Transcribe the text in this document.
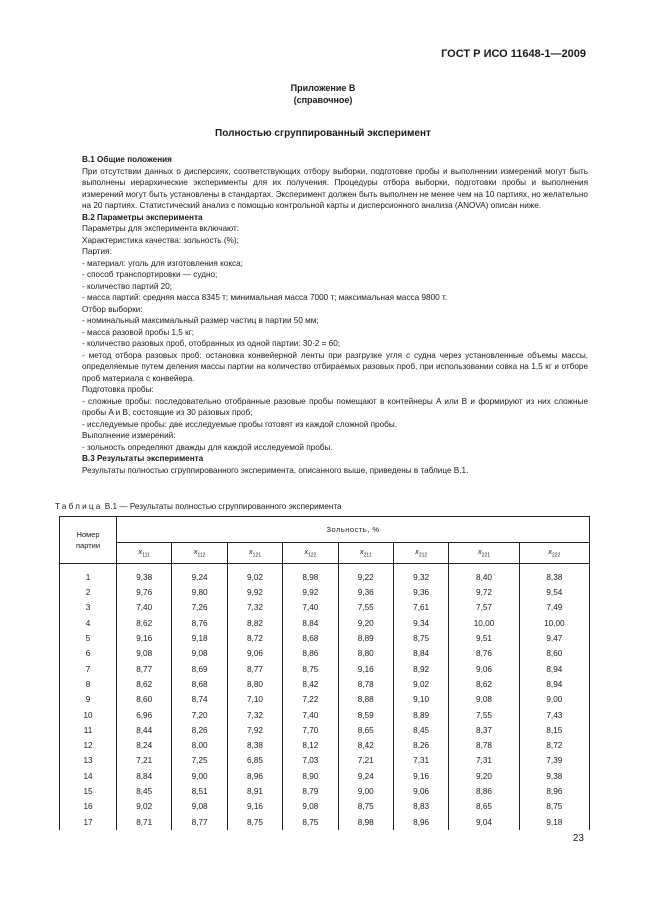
ГОСТ Р ИСО 11648-1—2009
Приложение В
(справочное)
Полностью сгруппированный эксперимент

В.1 Общие положения

При отсутствии данных о дисперсиях, соответствующих отбору выборки, подготовке пробы и выполнении измерений могут быть выполнены иерархические эксперименты для их получения. Процедуры отбора выборки, подготовки пробы и выполнения измерений могут быть установлены в стандартах. Эксперимент должен быть выполнен не менее чем на 10 партиях, но желательно на 20 партиях. Статистический анализ с помощью контрольной карты и дисперсионного анализа (ANOVA) описан ниже.

В.2 Параметры эксперимента

Параметры для эксперимента включают:

Характеристика качества: зольность (%);

Партия:

- материал: уголь для изготовления кокса;

- способ транспортировки — судно;

- количество партий 20;

- масса партий: средняя масса 8345 т; минимальная масса 7000 т; максимальная масса 9800 т.

Отбор выборки:

- номинальный максимальный размер частиц в партии 50 мм;

- масса разовой пробы 1,5 кг;

- количество разовых проб, отобранных из одной партии: 30·2 = 60;

- метод отбора разовых проб: остановка конвейерной ленты при разгрузке угля с судна через установленные объемы массы, определяемые путем деления массы партии на количество отбираемых разовых проб, при использовании совка на 1,5 кг и отборе проб материала с конвейера.

Подготовка пробы:

- сложные пробы: последовательно отобранные разовые пробы помещают в контейнеры A или B и формируют из них сложные пробы A и B, состоящие из 30 разовых проб;

- исследуемые пробы: две исследуемые пробы готовят из каждой сложной пробы.

Выполнение измерений:

- зольность определяют дважды для каждой исследуемой пробы.

В.3 Результаты эксперимента

Результаты полностью сгруппированного эксперимента, описанного выше, приведены в таблице В.1.

Таблица В.1 — Результаты полностью сгруппированного эксперимента
Номер
партии	Зольность, %							
	$x_{111}$	$x_{112}$	$x_{121}$	$x_{122}$	$x_{211}$	$x_{212}$	$x_{221}$	$x_{222}$
1	9,38	9,24	9,02	8,98	9,22	9,32	8,40	8,38
2	9,76	9,80	9,92	9,92	9,36	9,36	9,72	9,54
3	7,40	7,26	7,32	7,40	7,55	7,61	7,57	7,49
4	8,62	8,76	8,82	8,84	9,20	9,34	10,00	10,00
5	9,16	9,18	8,72	8,68	8,89	8,75	9,51	9,47
6	9,08	9,08	9,06	8,86	8,80	8,84	8,76	8,60
7	8,77	8,69	8,77	8,75	9,16	8,92	9,06	8,94
8	8,62	8,68	8,80	8,42	8,78	9,02	8,62	8,94
9	8,60	8,74	7,10	7,22	8,88	9,10	9,08	9,00
10	6,96	7,20	7,32	7,40	8,59	8,89	7,55	7,43
11	8,44	8,26	7,92	7,70	8,65	8,45	8,37	8,15
12	8,24	8,00	8,38	8,12	8,42	8,26	8,78	8,72
13	7,21	7,25	6,85	7,03	7,21	7,31	7,31	7,39
14	8,84	9,00	8,96	8,90	9,24	9,16	9,20	9,38
15	8,45	8,51	8,91	8,79	9,00	9,06	8,86	8,96
16	9,02	9,08	9,16	9,08	8,75	8,83	8,65	8,75
17	8,71	8,77	8,75	8,75	8,98	8,96	9,04	9,18
23
